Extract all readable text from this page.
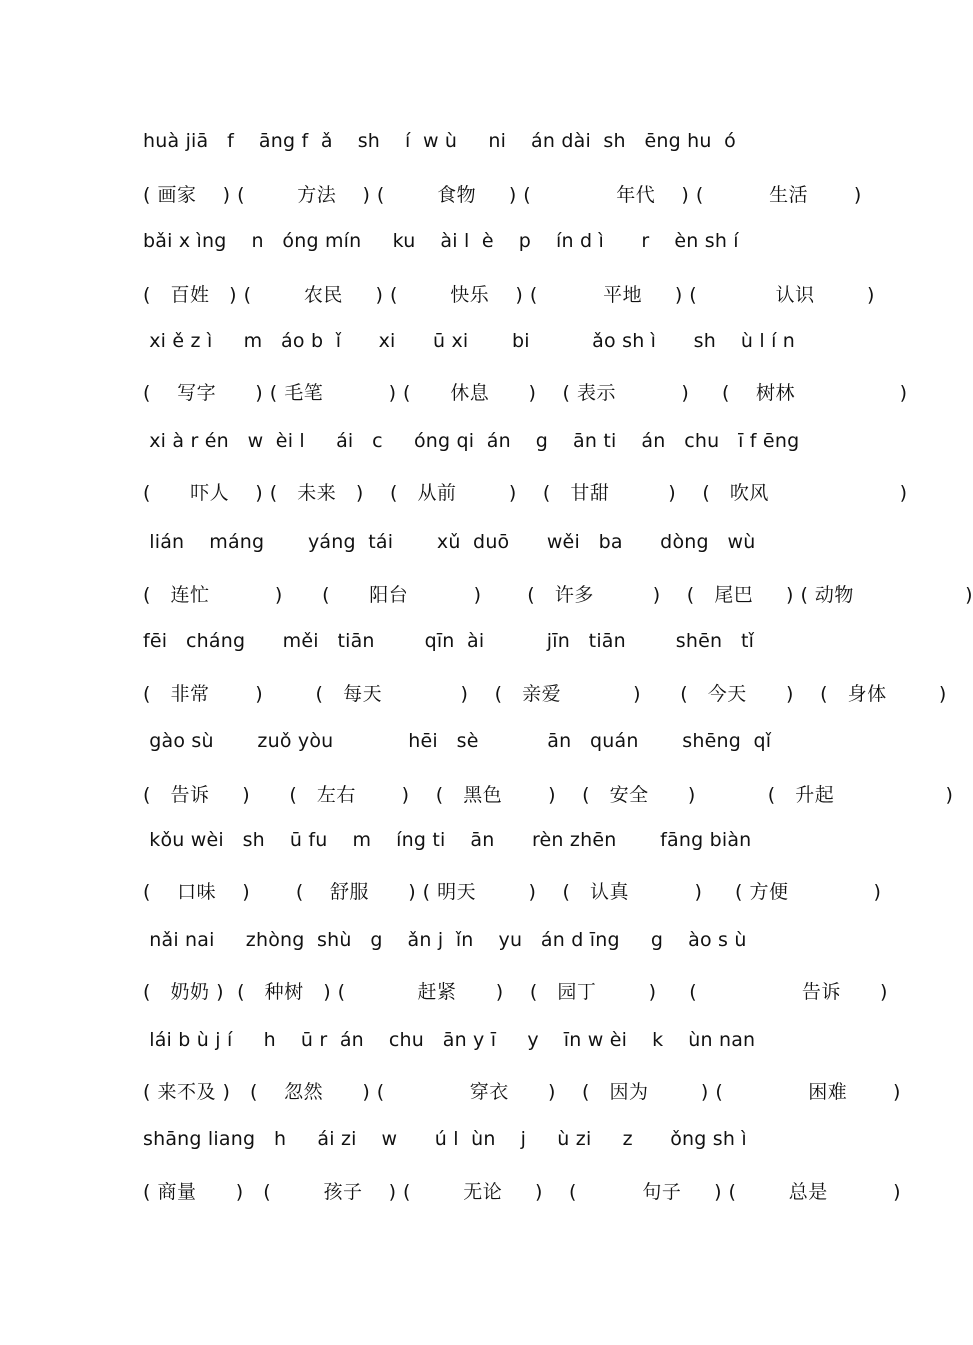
huà jiā   f    āng f  ǎ    sh    í  w ù     ni    án dài  sh   ēng hu  ó
( 画家    ) (        方法    ) (        食物     ) (             年代    ) (          生活       )
bǎi x ìng    n   óng mín     ku    ài l  è    p    ín d ì      r    èn sh í
(   百姓   ) (        农民     ) (        快乐    ) (          平地     ) (            认识        )
xi ě z ì     m   áo b  ǐ      xi      ū xi       bi          ǎo sh ì      sh    ù l í n
(    写字      ) ( 毛笔          ) (      休息      )    ( 表示          )     (    树林                )
xi à r én   w  èi l     ái   c     óng qi  án    g    ān ti    án   chu   ī f ēng
(      吓人    ) (   未来   )    (   从前        )    (   甘甜         )    (   吹风                    )
lián    máng       yáng  tái       xǔ  duō      wěi   ba      dòng   wù
(   连忙          )      (      阳台          )       (   许多         )    (   尾巴     ) ( 动物                 )
fēi   cháng      měi   tiān        qīn  ài          jīn   tiān        shēn   tǐ
(   非常       )        (   每天            )    (   亲爱           )      (   今天      )    (   身体        )
gào sù       zuǒ yòu            hēi   sè           ān   quán       shēng  qǐ
(   告诉     )      (   左右       )    (   黑色       )    (   安全      )           (   升起                 )
kǒu wèi   sh    ū fu    m    íng ti    ān      rèn zhēn       fāng biàn
(    口味    )       (    舒服      ) ( 明天        )    (   认真          )     ( 方便             )
nǎi nai     zhòng  shù   g    ǎn j  ǐn    yu   án d īng     g    ào s ù
(   奶奶 )  (   种树   ) (           赶紧      )    (   园丁        )     (                告诉      )
lái b ù j í     h    ū r  án    chu   ān y ī     y    īn w èi    k    ùn nan
( 来不及 )   (    忽然      ) (             穿衣      )    (   因为        ) (             困难       )
shāng liang   h     ái zi    w      ú l  ùn    j     ù zi     z      ǒng sh ì
( 商量      )   (        孩子    ) (        无论     )    (          句子     ) (        总是          )
